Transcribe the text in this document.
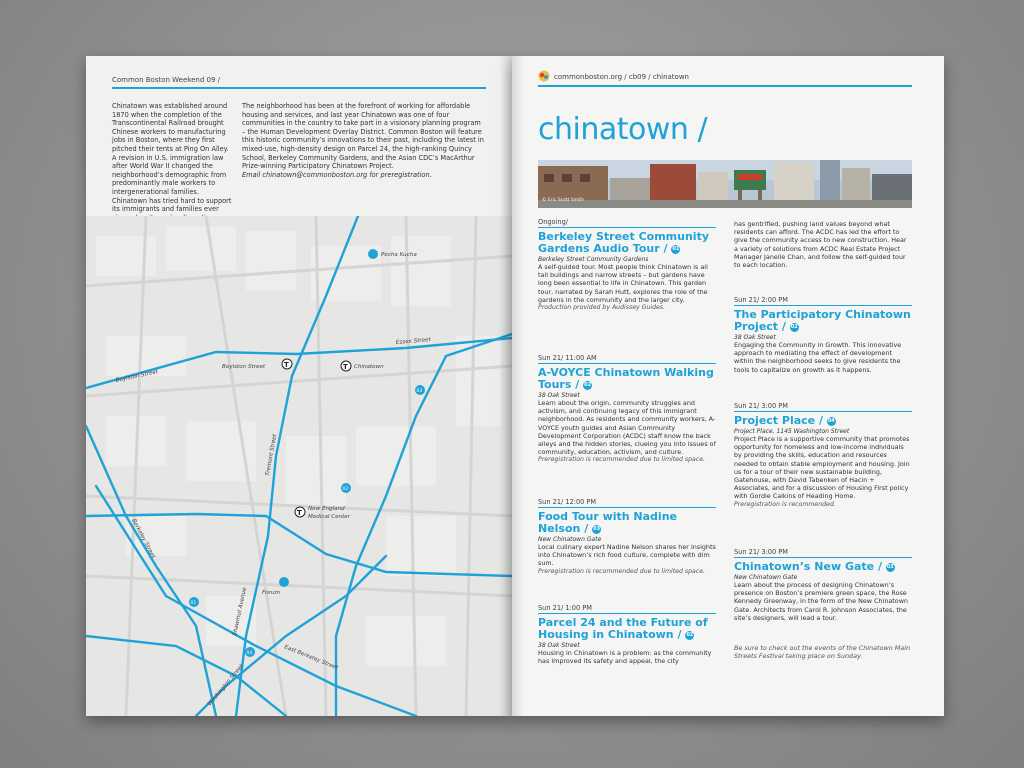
Common Boston Weekend 09 /

Chinatown was established around 1870 when the completion of the Transcontinental Railroad brought Chinese workers to manufacturing jobs in Boston, where they first pitched their tents at Ping On Alley. A revision in U.S. immigration law after World War II changed the neighborhood’s demographic from predominantly male workers to intergenerational families. Chinatown has tried hard to support its immigrants and families ever

The neighborhood has been at the forefront of working for affordable housing and services, and last year Chinatown was one of four communities in the country to take part in a visionary planning program – the Human Development Overlay District. Common Boston will feature this historic community’s innovations to their past, including the latest in mixed-use, high-density design on Parcel 24, the high-ranking Quincy School, Berkeley Community Gardens, and the Asian CDC’s MacArthur Prize-winning Participatory Chinatown Project.

Email chinatown@commonboston.org for preregistration.

Pecha Kucha
Forum
Essex Street
Boylston Street
Boylston Street	T	T Chinatown
T New England
Medical Center
Tremont Street
Berkeley Street
Shawmut Avenue
East Berkeley Street
Washington Street
01
02
03
04
commonboston.org / cb09 / chinatown
chinatown /
© Eric Scott Smith
Ongoing/
Berkeley Street Community Gardens Audio Tour / 01
Berkeley Street Community Gardens
A self-guided tour. Most people think Chinatown is all tall buildings and narrow streets – but gardens have long been essential to life in Chinatown. This garden tour, narrated by Sarah Hutt, explores the role of the gardens in the community and the larger city.
Production provided by Audissey Guides.
Sun 21/ 11:00 AM
A-VOYCE Chinatown Walking Tours / 02
38 Oak Street
Learn about the origin, community struggles and activism, and continuing legacy of this immigrant neighborhood. As residents and community workers, A-VOYCE youth guides and Asian Community Development Corporation (ACDC) staff know the back alleys and the hidden stories, clueing you into issues of community, education, activism, and culture.
Preregistration is recommended due to limited space.
Sun 21/ 12:00 PM
Food Tour with Nadine Nelson / 03
New Chinatown Gate
Local culinary expert Nadine Nelson shares her insights into Chinatown’s rich food culture, complete with dim sum.
Preregistration is recommended due to limited space.
Sun 21/ 1:00 PM
Parcel 24 and the Future of Housing in Chinatown / 02
38 Oak Street
Housing in Chinatown is a problem: as the community has improved its safety and appeal, the city
has gentrified, pushing land values beyond what residents can afford. The ACDC has led the effort to give the community access to new construction. Hear a variety of solutions from ACDC Real Estate Project Manager Janelle Chan, and follow the self-guided tour to each location.
Sun 21/ 2:00 PM
The Participatory Chinatown Project / 02
38 Oak Street
Engaging the Community in Growth. This innovative approach to mediating the effect of development within the neighborhood seeks to give residents the tools to capitalize on growth as it happens.
Sun 21/ 3:00 PM
Project Place / 04
Project Place, 1145 Washington Street
Project Place is a supportive community that promotes opportunity for homeless and low-income individuals by providing the skills, education and resources needed to obtain stable employment and housing. Join us for a tour of their new sustainable building, Gatehouse, with David Tabenken of Hacin + Associates, and for a discussion of Housing First policy with Gordie Calkins of Heading Home.
Preregistration is recommended.
Sun 21/ 3:00 PM
Chinatown’s New Gate / 03
New Chinatown Gate
Learn about the process of designing Chinatown’s presence on Boston’s premiere green space, the Rose Kennedy Greenway, in the form of the New Chinatown Gate. Architects from Carol R. Johnson Associates, the site’s designers, will lead a tour.
Be sure to check out the events of the Chinatown Main Streets Festival taking place on Sunday.
